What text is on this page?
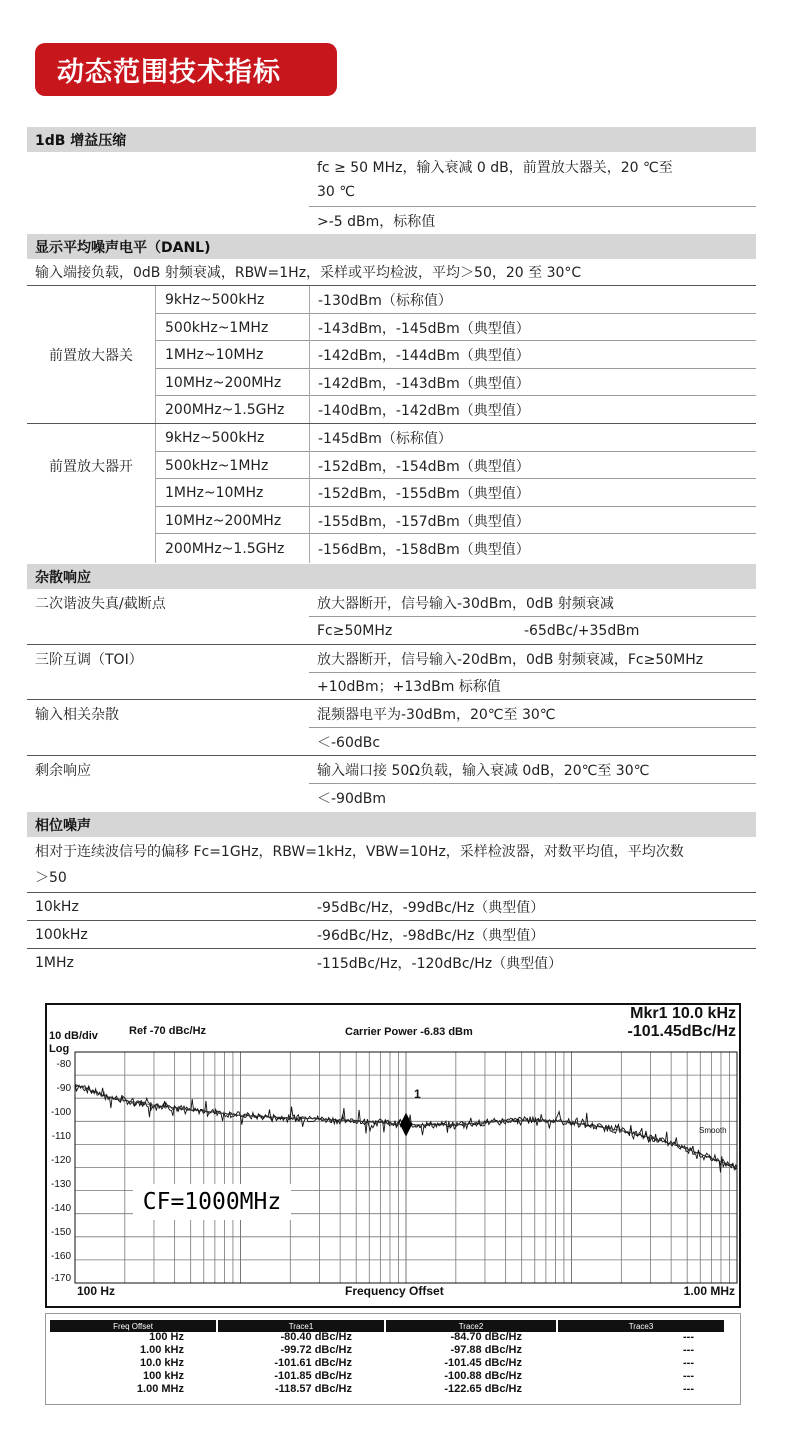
动态范围技术指标
1dB 增益压缩
fc ≥ 50 MHz，输入衰减 0 dB，前置放大器关，20 ℃至
30 ℃
>-5 dBm，标称值
显示平均噪声电平（DANL)
输入端接负载，0dB 射频衰减，RBW=1Hz，采样或平均检波，平均＞50，20 至 30°C
前置放大器关
9kHz~500kHz	-130dBm（标称值）
500kHz~1MHz	-143dBm，-145dBm（典型值）
1MHz~10MHz	-142dBm，-144dBm（典型值）
10MHz~200MHz	-142dBm，-143dBm（典型值）
200MHz~1.5GHz -140dBm，-142dBm（典型值）
前置放大器开
9kHz~500kHz	-145dBm（标称值）
500kHz~1MHz	-152dBm，-154dBm（典型值）
1MHz~10MHz	-152dBm，-155dBm（典型值）
10MHz~200MHz	-155dBm，-157dBm（典型值）
200MHz~1.5GHz -156dBm，-158dBm（典型值）
杂散响应
二次谐波失真/截断点	放大器断开，信号输入-30dBm，0dB 射频衰减
Fc≥50MHz	-65dBc/+35dBm
三阶互调（TOI）	放大器断开，信号输入-20dBm，0dB 射频衰减，Fc≥50MHz
+10dBm；+13dBm 标称值
输入相关杂散	混频器电平为-30dBm，20℃至 30℃
＜-60dBc
剩余响应	输入端口接 50Ω负载，输入衰减 0dB，20℃至 30℃
＜-90dBm
相位噪声
相对于连续波信号的偏移 Fc=1GHz，RBW=1kHz，VBW=10Hz，采样检波器，对数平均值，平均次数
＞50
10kHz	-95dBc/Hz，-99dBc/Hz（典型值）
100kHz	-96dBc/Hz，-98dBc/Hz（典型值）
1MHz	-115dBc/Hz，-120dBc/Hz（典型值）
10 dB/div
Log
Ref -70 dBc/Hz	Carrier Power -6.83 dBm
Mkr1 10.0 kHz
-101.45dBc/Hz
-80
-90
-100
-110
-120
-130
-140
-150
-160
-170
100 Hz	Frequency Offset	1.00 MHz
Smooth
1
CF=1000MHz
Freq Offset	Trace1	Trace2	Trace3
100 Hz	-80.40 dBc/Hz	-84.70 dBc/Hz	---
1.00 kHz	-99.72 dBc/Hz	-97.88 dBc/Hz	---
10.0 kHz	-101.61 dBc/Hz	-101.45 dBc/Hz	---
100 kHz	-101.85 dBc/Hz	-100.88 dBc/Hz	---
1.00 MHz	-118.57 dBc/Hz	-122.65 dBc/Hz	---
